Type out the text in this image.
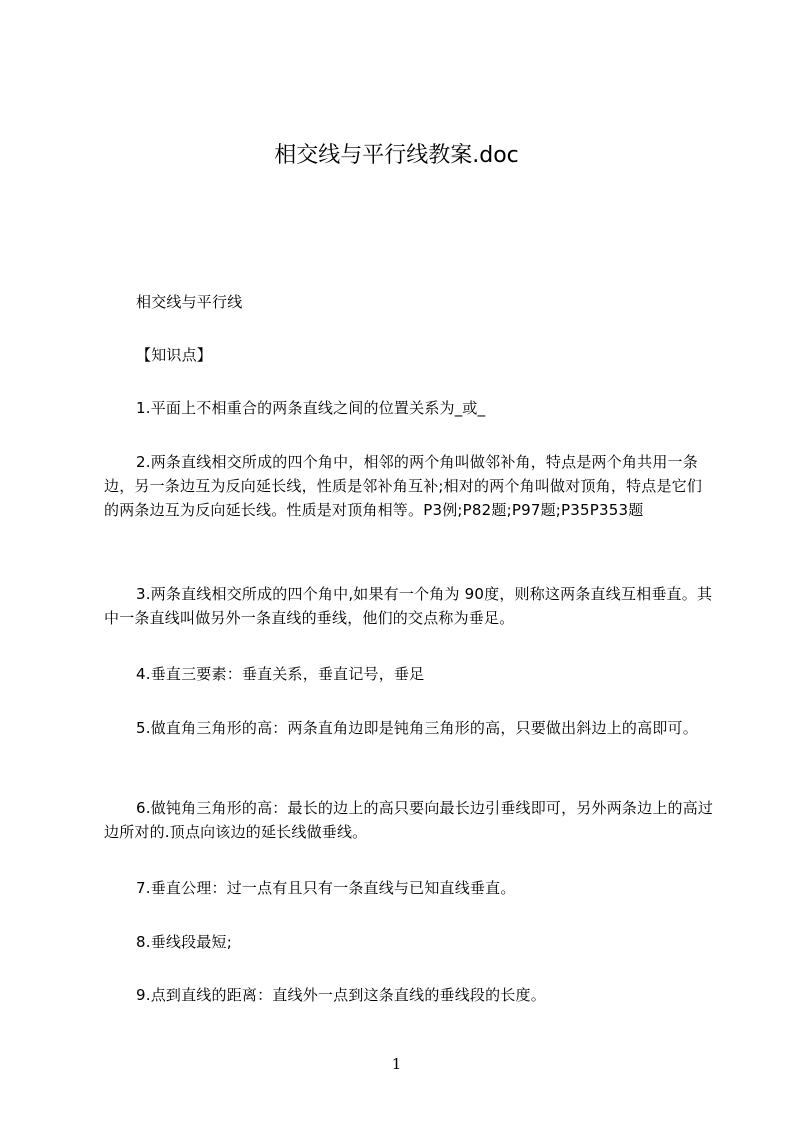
相交线与平行线教案.doc

相交线与平行线

【知识点】

1.平面上不相重合的两条直线之间的位置关系为_或_

2.两条直线相交所成的四个角中，相邻的两个角叫做邻补角，特点是两个角共用一条边，另一条边互为反向延长线，性质是邻补角互补;相对的两个角叫做对顶角，特点是它们的两条边互为反向延长线。性质是对顶角相等。P3例;P82题;P97题;P35P353题

3.两条直线相交所成的四个角中,如果有一个角为 90度，则称这两条直线互相垂直。其中一条直线叫做另外一条直线的垂线，他们的交点称为垂足。

4.垂直三要素：垂直关系，垂直记号，垂足

5.做直角三角形的高：两条直角边即是钝角三角形的高，只要做出斜边上的高即可。

6.做钝角三角形的高：最长的边上的高只要向最长边引垂线即可，另外两条边上的高过边所对的.顶点向该边的延长线做垂线。

7.垂直公理：过一点有且只有一条直线与已知直线垂直。

8.垂线段最短;

9.点到直线的距离：直线外一点到这条直线的垂线段的长度。

1
